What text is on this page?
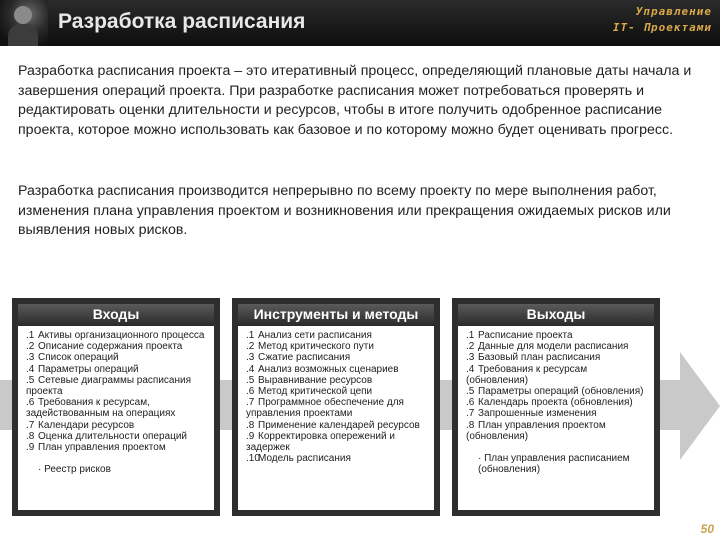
Разработка расписания	Управление
IT- Проектами

Разработка расписания проекта – это итеративный процесс, определяющий плановые даты начала и завершения операций проекта. При разработке расписания может потребоваться проверять и редактировать оценки длительности и ресурсов, чтобы в итоге получить одобренное расписание проекта, которое можно использовать как базовое и по которому можно будет оценивать прогресс.

Разработка расписания производится непрерывно по всему проекту по мере выполнения работ, изменения плана управления проектом и возникновения или прекращения ожидаемых рисков или выявления новых рисков.

Входы
.1 Активы организационного процесса
.2 Описание содержания проекта
.3 Список операций
.4 Параметры операций
.5 Сетевые диаграммы расписания проекта
.6 Требования к ресурсам, задействованным на операциях
.7 Календари ресурсов
.8 Оценка длительности операций
.9 План управления проектом
· Реестр рисков
Инструменты и методы
.1 Анализ сети расписания
.2 Метод критического пути
.3 Сжатие расписания
.4 Анализ возможных сценариев
.5 Выравнивание ресурсов
.6 Метод критической цепи
.7 Программное обеспечение для управления проектами
.8 Применение календарей ресурсов
.9 Корректировка опережений и задержек
.10Модель расписания
Выходы
.1 Расписание проекта
.2 Данные для модели расписания
.3 Базовый план расписания
.4 Требования к ресурсам (обновления)
.5 Параметры операций (обновления)
.6 Календарь проекта (обновления)
.7 Запрошенные изменения
.8 План управления проектом (обновления)
· План управления расписанием (обновления)
50
